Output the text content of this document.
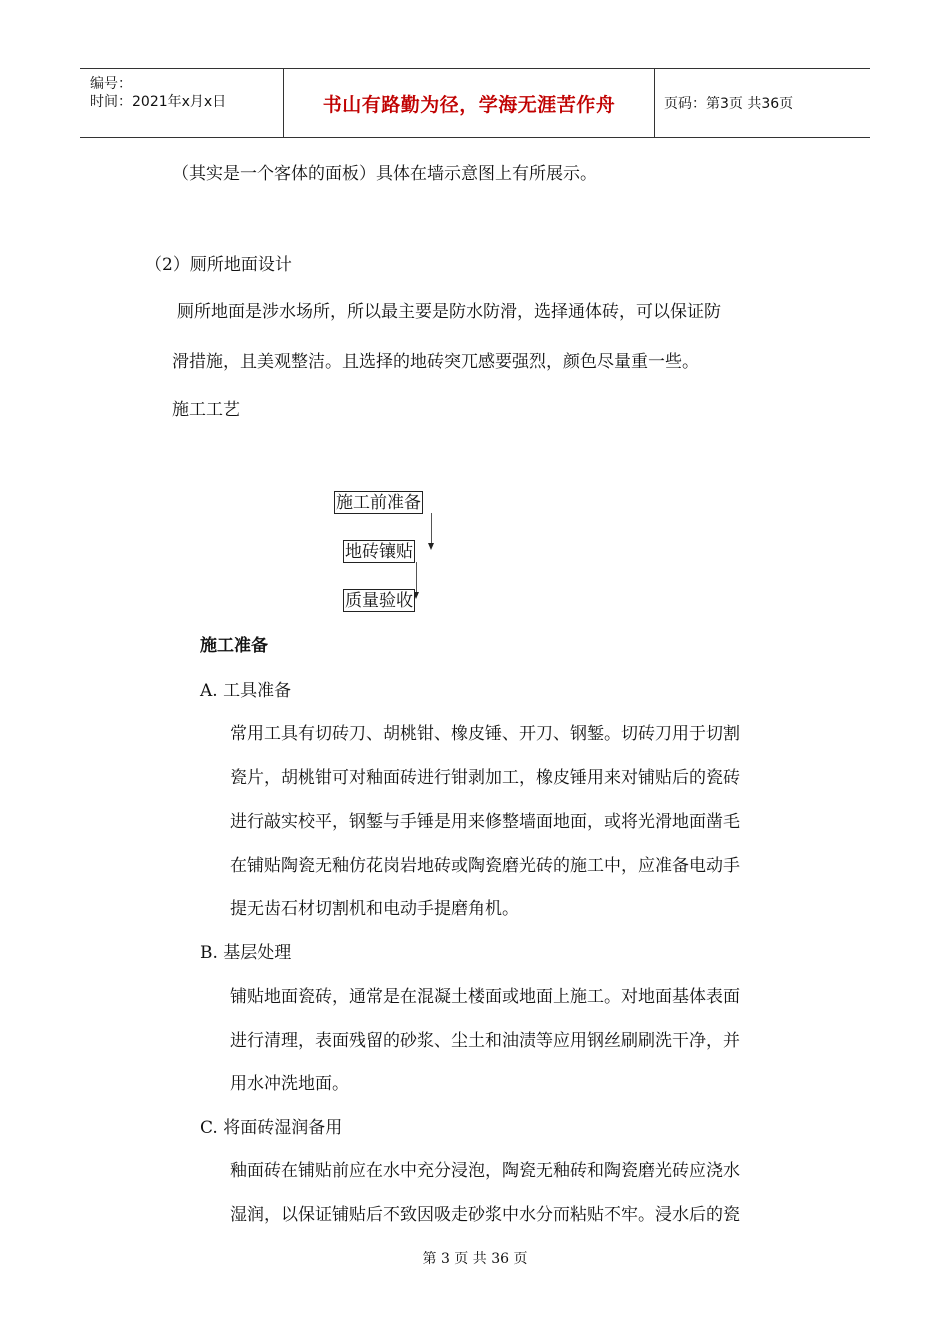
编号：
时间：2021年x月x日	书山有路勤为径，学海无涯苦作舟	页码：第3页 共36页
（其实是一个客体的面板）具体在墙示意图上有所展示。
（2）厕所地面设计
厕所地面是涉水场所，所以最主要是防水防滑，选择通体砖，可以保证防
滑措施，且美观整洁。且选择的地砖突兀感要强烈，颜色尽量重一些。
施工工艺
施工前准备
地砖镶贴
质量验收
施工准备
A. 工具准备
常用工具有切砖刀、胡桃钳、橡皮锤、开刀、钢錾。切砖刀用于切割
瓷片，胡桃钳可对釉面砖进行钳剥加工，橡皮锤用来对铺贴后的瓷砖
进行敲实校平，钢錾与手锤是用来修整墙面地面，或将光滑地面凿毛
在铺贴陶瓷无釉仿花岗岩地砖或陶瓷磨光砖的施工中，应准备电动手
提无齿石材切割机和电动手提磨角机。
B. 基层处理
铺贴地面瓷砖，通常是在混凝土楼面或地面上施工。对地面基体表面
进行清理，表面残留的砂浆、尘土和油渍等应用钢丝刷刷洗干净，并
用水冲洗地面。
C. 将面砖湿润备用
釉面砖在铺贴前应在水中充分浸泡，陶瓷无釉砖和陶瓷磨光砖应浇水
湿润，以保证铺贴后不致因吸走砂浆中水分而粘贴不牢。浸水后的瓷
第 3 页 共 36 页
